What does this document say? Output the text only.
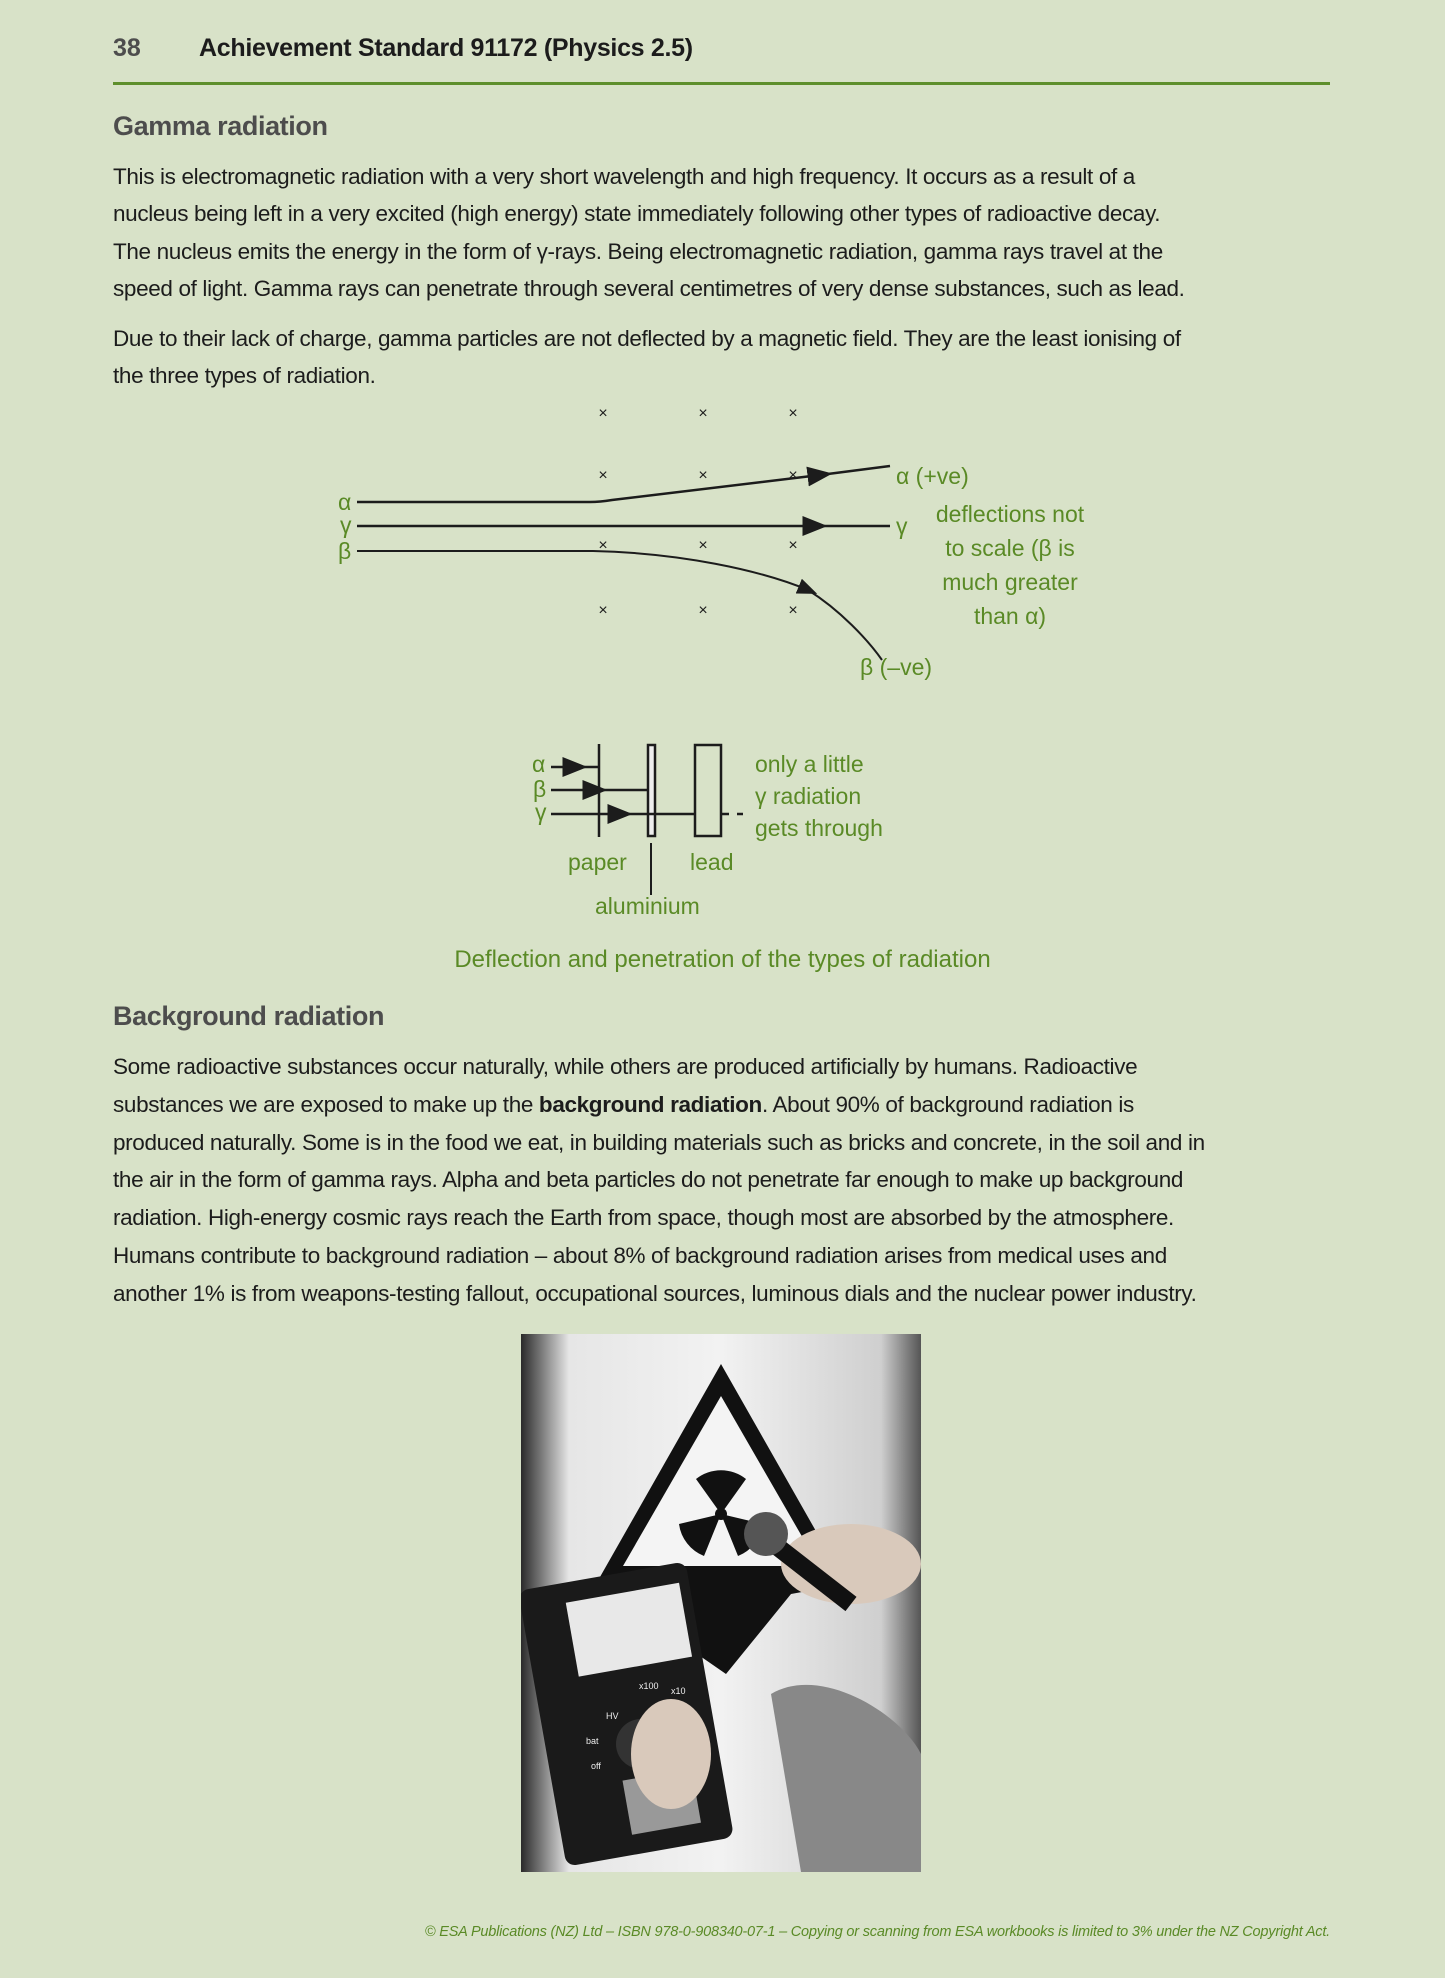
38 Achievement Standard 91172 (Physics 2.5)
Gamma radiation
This is electromagnetic radiation with a very short wavelength and high frequency. It occurs as a result of a
nucleus being left in a very excited (high energy) state immediately following other types of radioactive decay.
The nucleus emits the energy in the form of γ-rays. Being electromagnetic radiation, gamma rays travel at the
speed of light. Gamma rays can penetrate through several centimetres of very dense substances, such as lead.
Due to their lack of charge, gamma particles are not deflected by a magnetic field. They are the least ionising of
the three types of radiation.
×	×	×
×	×	×
×	×	×
×	×	×
α
γ
β
α (+ve)
γ
β (–ve)
deflections not
to scale (β is
much greater
than α)
α
β
γ
only a little
γ radiation
gets through
paper	lead
aluminium
Deflection and penetration of the types of radiation
Background radiation
Some radioactive substances occur naturally, while others are produced artificially by humans. Radioactive
substances we are exposed to make up the background radiation. About 90% of background radiation is
produced naturally. Some is in the food we eat, in building materials such as bricks and concrete, in the soil and in
the air in the form of gamma rays. Alpha and beta particles do not penetrate far enough to make up background
radiation. High-energy cosmic rays reach the Earth from space, though most are absorbed by the atmosphere.
Humans contribute to background radiation – about 8% of background radiation arises from medical uses and
another 1% is from weapons-testing fallout, occupational sources, luminous dials and the nuclear power industry.
HV
x100 x10
bat
off
© ESA Publications (NZ) Ltd – ISBN 978-0-908340-07-1 – Copying or scanning from ESA workbooks is limited to 3% under the NZ Copyright Act.
